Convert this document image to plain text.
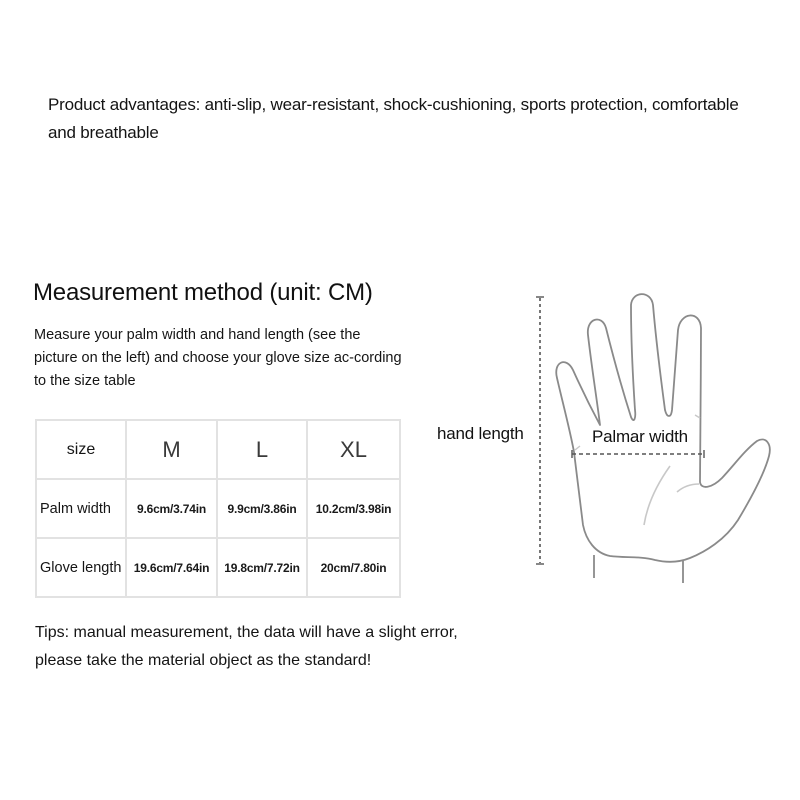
Product advantages: anti-slip, wear-resistant, shock-cushioning, sports protection, comfortable and breathable
Measurement method (unit: CM)
Measure your palm width and hand length (see the picture on the left) and choose your glove size ac-cording to the size table
size	M	L	XL
Palm width	9.6cm/3.74in	9.9cm/3.86in	10.2cm/3.98in
Glove length	19.6cm/7.64in	19.8cm/7.72in	20cm/7.80in
Tips: manual measurement, the data will have a slight error,
please take the material object as the standard!
hand length	Palmar width
